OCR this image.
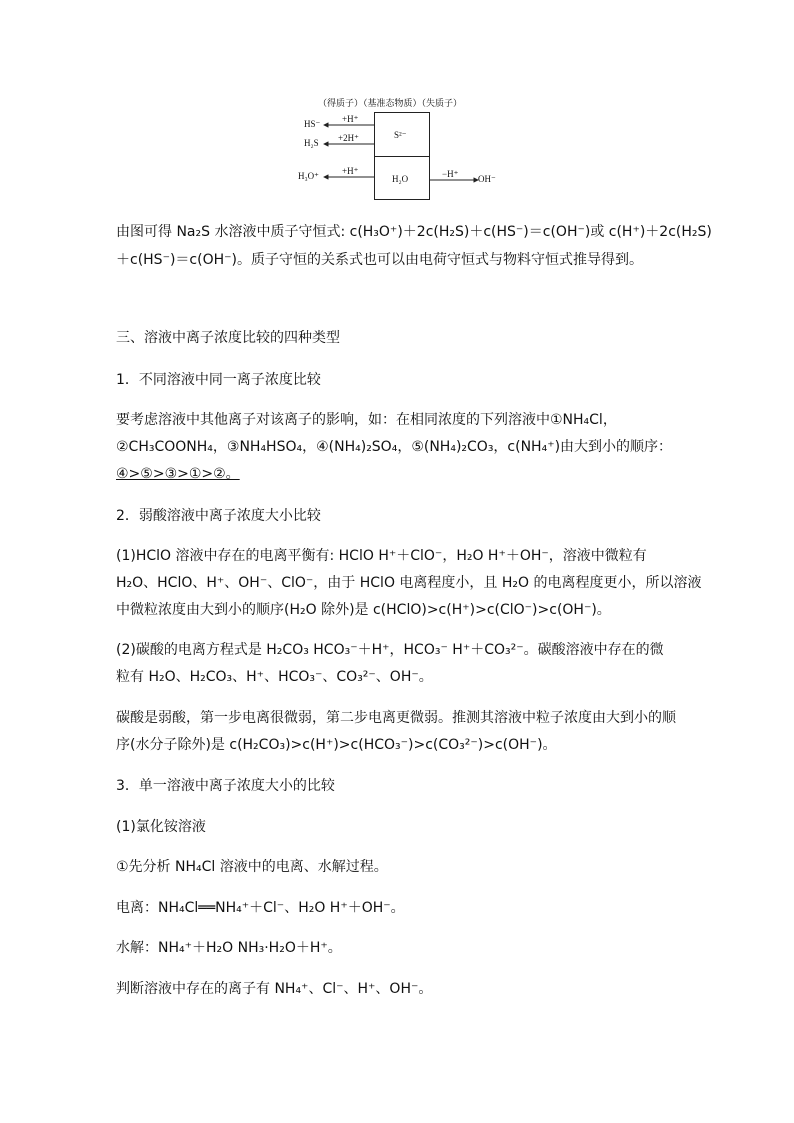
（得质子）（基准态物质）（失质子）
S²⁻
H₂O
HS⁻
H₂S
H₃O⁺
+H⁺
+2H⁺
+H⁺	−H⁺ OH⁻
由图可得 Na₂S 水溶液中质子守恒式: c(H₃O⁺)＋2c(H₂S)＋c(HS⁻)＝c(OH⁻)或 c(H⁺)＋2c(H₂S)
＋c(HS⁻)＝c(OH⁻)。质子守恒的关系式也可以由电荷守恒式与物料守恒式推导得到。
三、溶液中离子浓度比较的四种类型
1．不同溶液中同一离子浓度比较
要考虑溶液中其他离子对该离子的影响，如：在相同浓度的下列溶液中①NH₄Cl，
②CH₃COONH₄，③NH₄HSO₄，④(NH₄)₂SO₄，⑤(NH₄)₂CO₃，c(NH₄⁺)由大到小的顺序：
④>⑤>③>①>②。
2．弱酸溶液中离子浓度大小比较
(1)HClO 溶液中存在的电离平衡有: HClO H⁺＋ClO⁻，H₂O H⁺＋OH⁻，溶液中微粒有
H₂O、HClO、H⁺、OH⁻、ClO⁻，由于 HClO 电离程度小，且 H₂O 的电离程度更小，所以溶液
中微粒浓度由大到小的顺序(H₂O 除外)是 c(HClO)>c(H⁺)>c(ClO⁻)>c(OH⁻)。
(2)碳酸的电离方程式是 H₂CO₃ HCO₃⁻＋H⁺，HCO₃⁻ H⁺＋CO₃²⁻。碳酸溶液中存在的微
粒有 H₂O、H₂CO₃、H⁺、HCO₃⁻、CO₃²⁻、OH⁻。
碳酸是弱酸，第一步电离很微弱，第二步电离更微弱。推测其溶液中粒子浓度由大到小的顺
序(水分子除外)是 c(H₂CO₃)>c(H⁺)>c(HCO₃⁻)>c(CO₃²⁻)>c(OH⁻)。
3．单一溶液中离子浓度大小的比较
(1)氯化铵溶液
①先分析 NH₄Cl 溶液中的电离、水解过程。
电离：NH₄Cl══NH₄⁺＋Cl⁻、H₂O H⁺＋OH⁻。
水解：NH₄⁺＋H₂O NH₃·H₂O＋H⁺。
判断溶液中存在的离子有 NH₄⁺、Cl⁻、H⁺、OH⁻。
